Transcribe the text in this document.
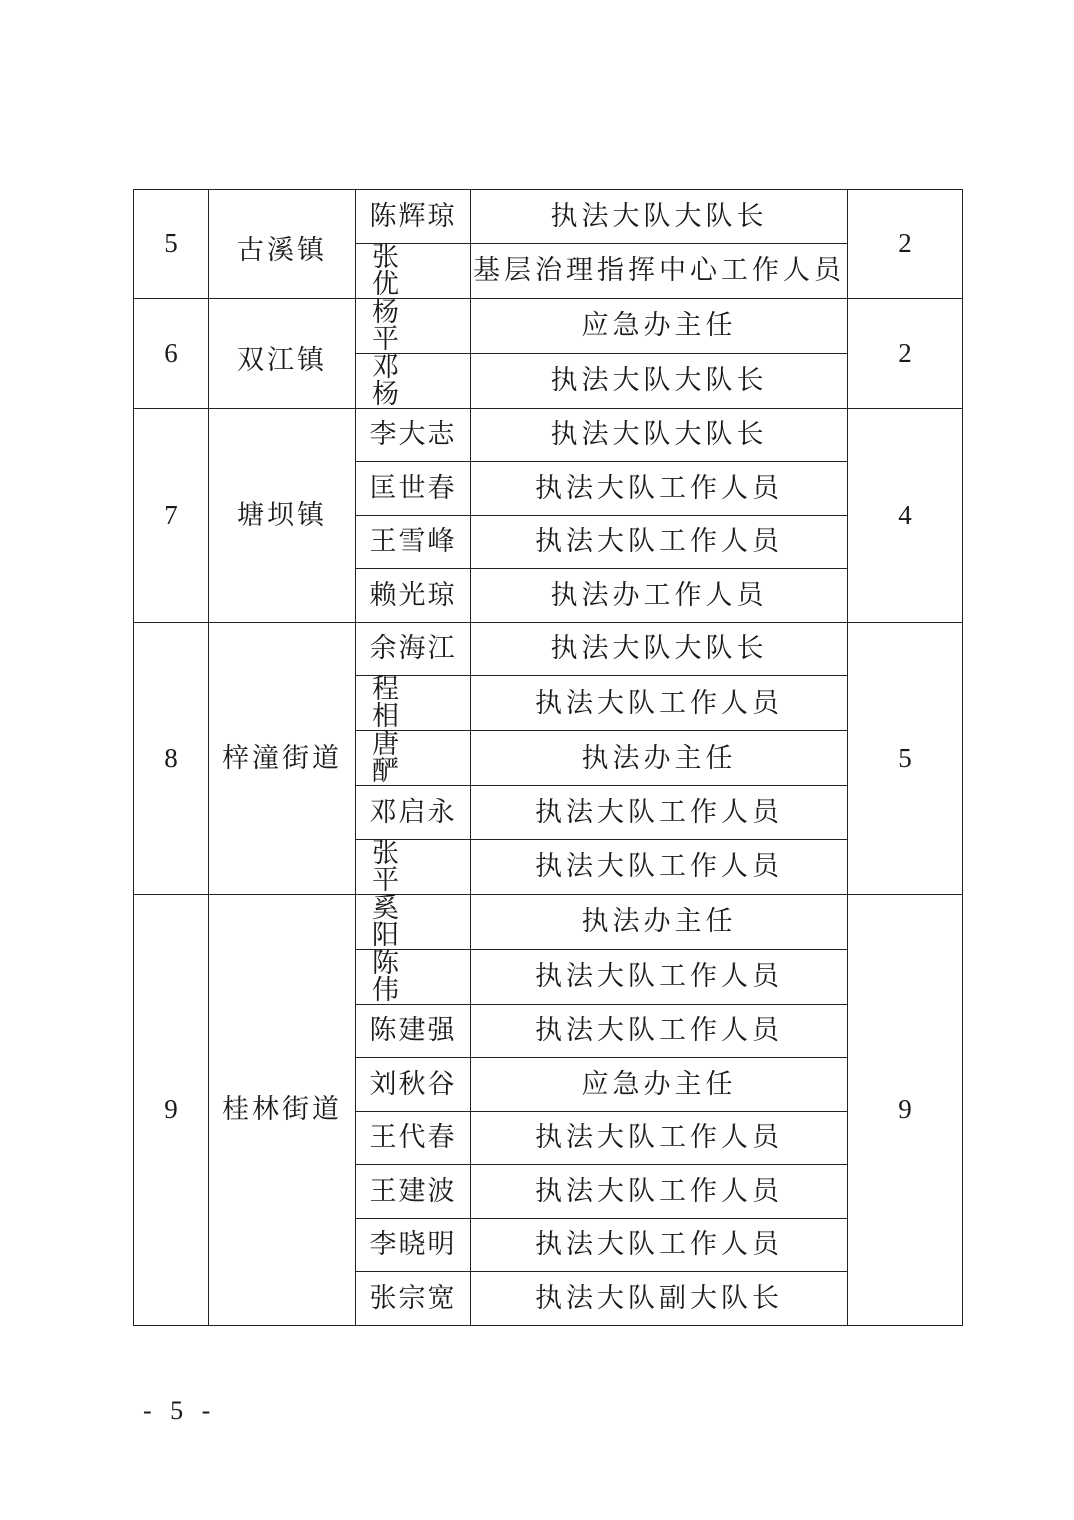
5	古溪镇	陈辉琼	执法大队大队长	2
		张　优	基层治理指挥中心工作人员	
6	双江镇	杨　平	应急办主任	2
		邓　杨	执法大队大队长	
7	塘坝镇	李大志	执法大队大队长	4
		匡世春	执法大队工作人员	
		王雪峰	执法大队工作人员	
		赖光琼	执法办工作人员	
8	梓潼街道	余海江	执法大队大队长	5
		程　相	执法大队工作人员	
		唐　酽	执法办主任	
		邓启永	执法大队工作人员	
		张　平	执法大队工作人员	
9	桂林街道	奚　阳	执法办主任	9
		陈　伟	执法大队工作人员	
		陈建强	执法大队工作人员	
		刘秋谷	应急办主任	
		王代春	执法大队工作人员	
		王建波	执法大队工作人员	
		李晓明	执法大队工作人员	
		张宗宽	执法大队副大队长	
- 5 -
